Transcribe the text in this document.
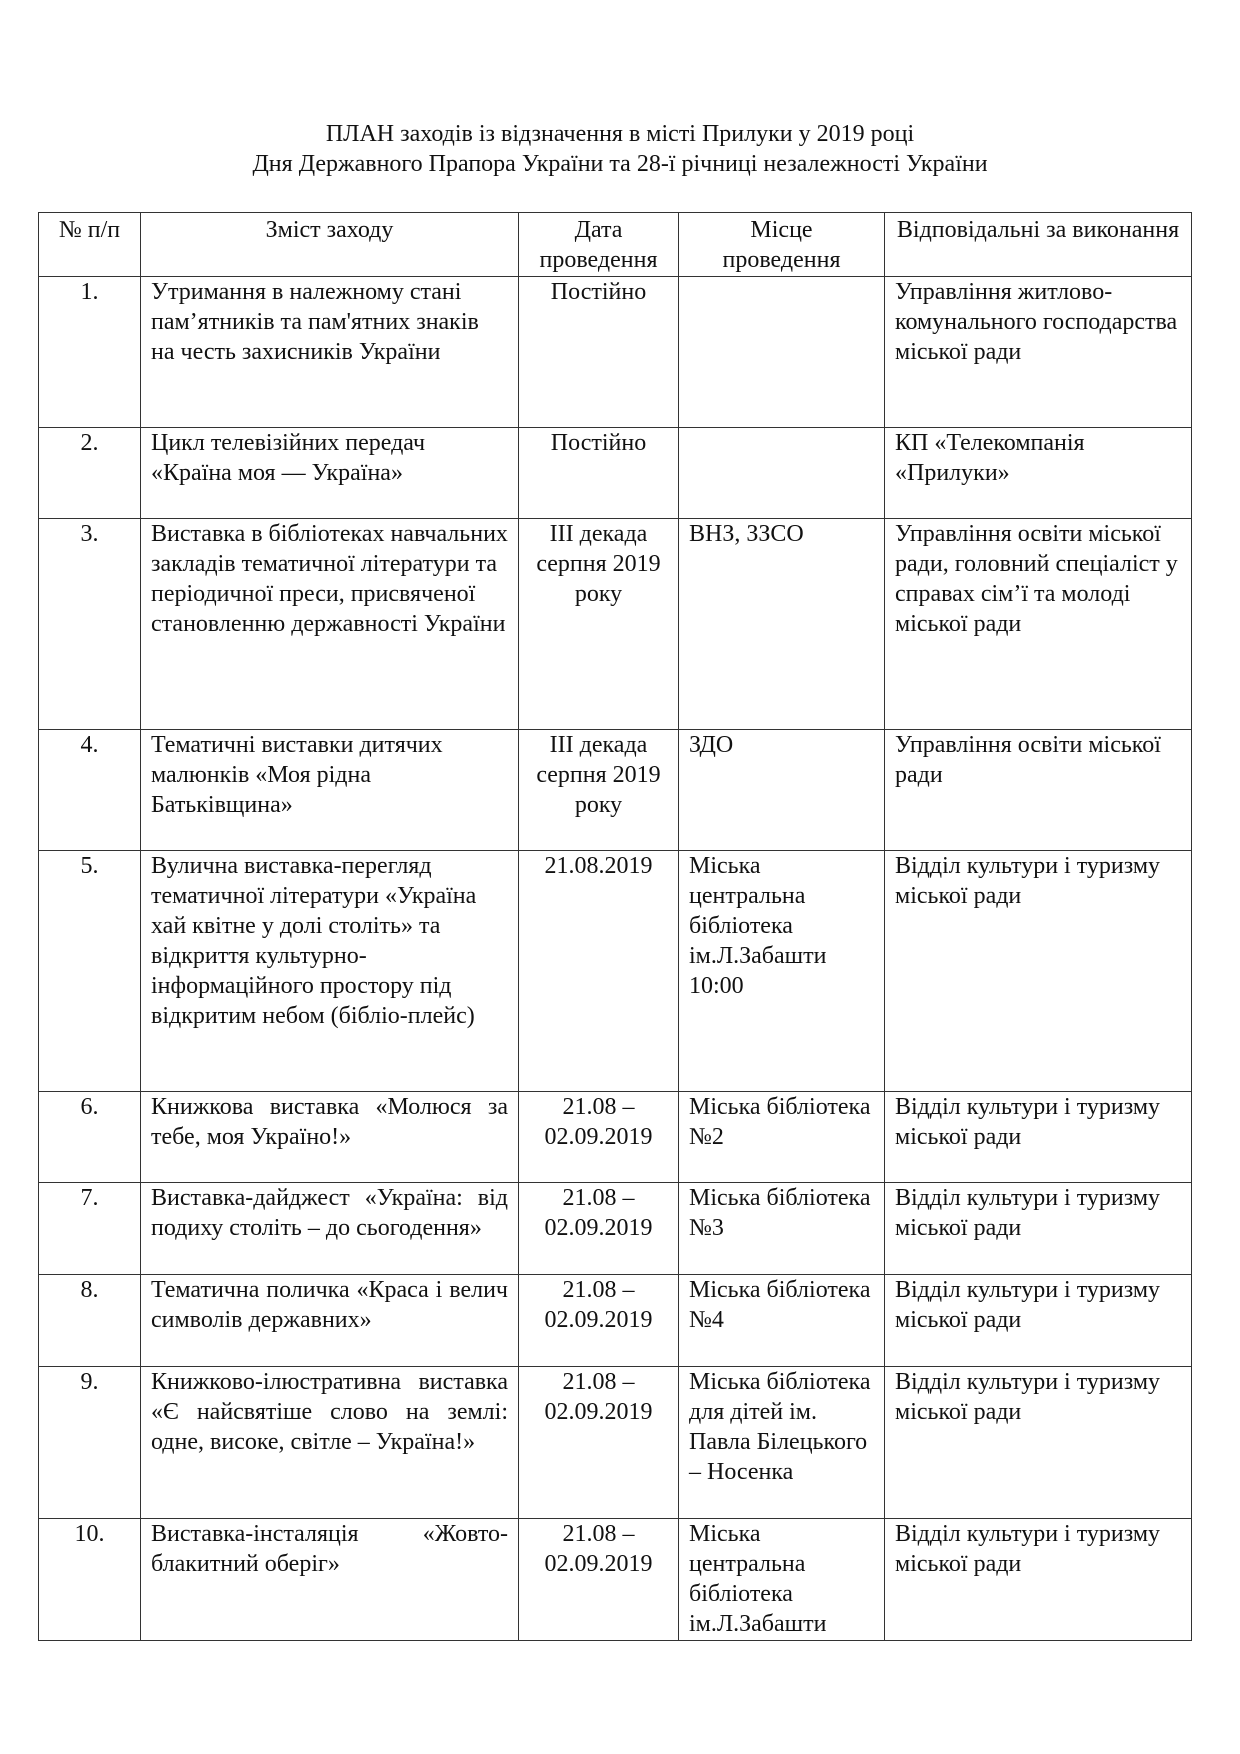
ПЛАН заходів із відзначення в місті Прилуки у 2019 році
Дня Державного Прапора України та 28-ї річниці незалежності України
№ п/п	Зміст заходу	Дата проведення	Місце проведення	Відповідальні за виконання
1.	Утримання в належному стані пам’ятників та пам'ятних знаків на честь захисників України	Постійно		Управління житлово-комунального господарства міської ради
2.	Цикл телевізійних передач «Країна моя — Україна»	Постійно		КП «Телекомпанія «Прилуки»
3.	Виставка в бібліотеках навчальних закладів тематичної літератури та періодичної преси, присвяченої становленню державності України	ІІІ декада серпня 2019 року	ВНЗ, ЗЗСО	Управління освіти міської ради, головний спеціаліст у справах сім’ї та молоді міської ради
4.	Тематичні виставки дитячих малюнків «Моя рідна Батьківщина»	ІІІ декада серпня 2019 року	ЗДО	Управління освіти міської ради
5.	Вулична виставка-перегляд тематичної літератури «Україна хай квітне у долі століть» та відкриття культурно-інформаційного простору під відкритим небом (бібліо-плейс)	21.08.2019	Міська центральна бібліотека ім.Л.Забашти 10:00	Відділ культури і туризму міської ради
6.	Книжкова виставка «Молюся за тебе, моя Україно!»	21.08 – 02.09.2019	Міська бібліотека №2	Відділ культури і туризму міської ради
7.	Виставка-дайджест «Україна: від подиху століть – до сьогодення»	21.08 – 02.09.2019	Міська бібліотека №3	Відділ культури і туризму міської ради
8.	Тематична поличка «Краса і велич символів державних»	21.08 – 02.09.2019	Міська бібліотека №4	Відділ культури і туризму міської ради
9.	Книжково-ілюстративна виставка «Є найсвятіше слово на землі: одне, високе, світле – Україна!»	21.08 – 02.09.2019	Міська бібліотека для дітей ім. Павла Білецького – Носенка	Відділ культури і туризму міської ради
10.	Виставка-інсталяція «Жовто-блакитний оберіг»	21.08 – 02.09.2019	Міська центральна бібліотека ім.Л.Забашти	Відділ культури і туризму міської ради
